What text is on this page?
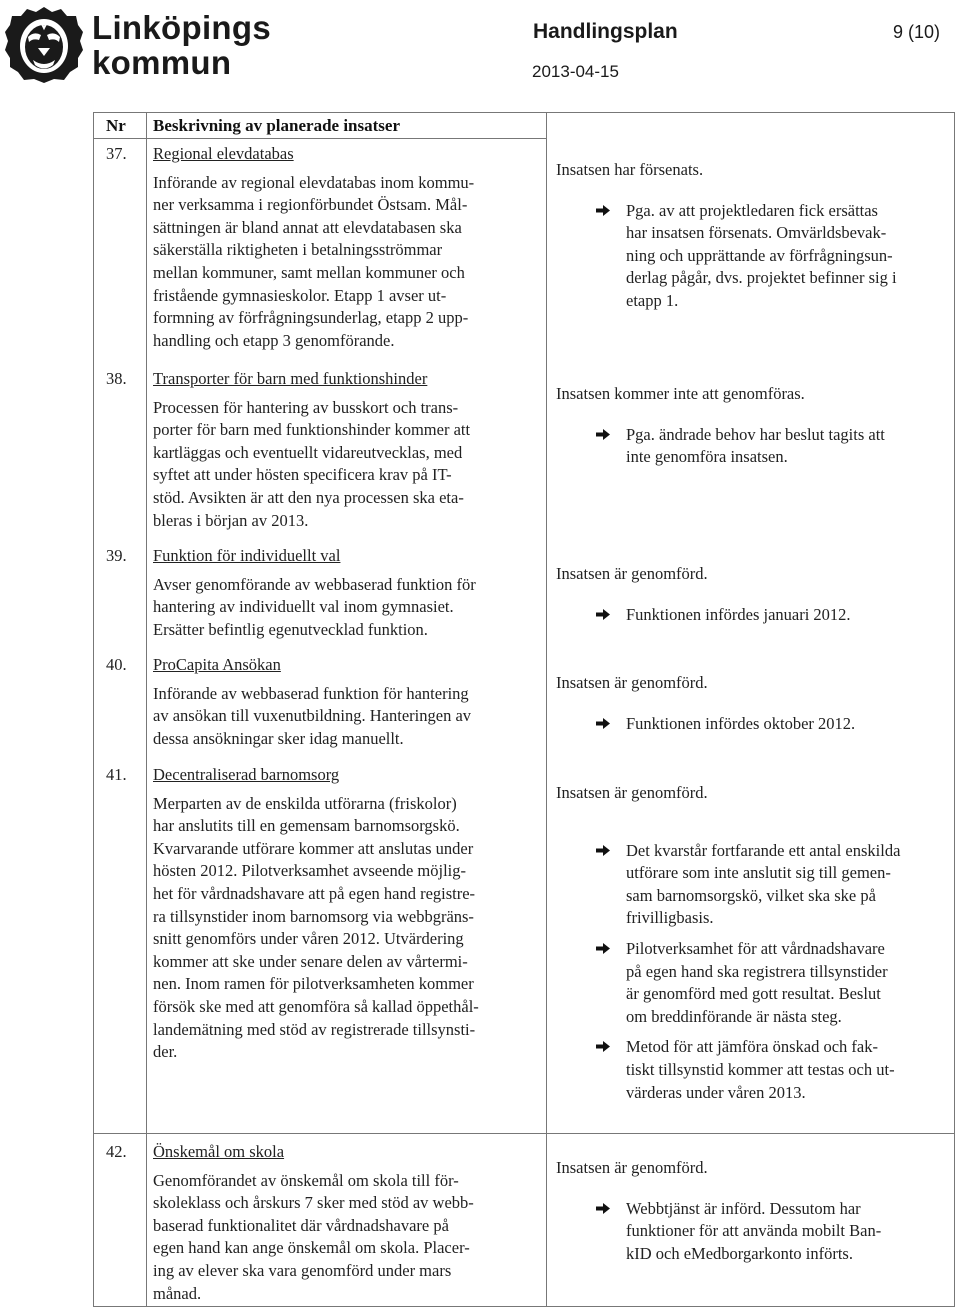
Linköpings
kommun
Handlingsplan	9 (10)
2013-04-15
Nr Beskrivning av planerade insatser
37.	Regional elevdatabas
Införande av regional elevdatabas inom kommu-
ner verksamma i regionförbundet Östsam. Mål-
sättningen är bland annat att elevdatabasen ska
säkerställa riktigheten i betalningsströmmar
mellan kommuner, samt mellan kommuner och
fristående gymnasieskolor. Etapp 1 avser ut-
formning av förfrågningsunderlag, etapp 2 upp-
handling och etapp 3 genomförande.
Insatsen har försenats.
Pga. av att projektledaren fick ersättas
har insatsen försenats. Omvärldsbevak-
ning och upprättande av förfrågningsun-
derlag pågår, dvs. projektet befinner sig i
etapp 1.
38.	Transporter för barn med funktionshinder
Processen för hantering av busskort och trans-
porter för barn med funktionshinder kommer att
kartläggas och eventuellt vidareutvecklas, med
syftet att under hösten specificera krav på IT-
stöd. Avsikten är att den nya processen ska eta-
bleras i början av 2013.
Insatsen kommer inte att genomföras.
Pga. ändrade behov har beslut tagits att
inte genomföra insatsen.
39.	Funktion för individuellt val
Avser genomförande av webbaserad funktion för
hantering av individuellt val inom gymnasiet.
Ersätter befintlig egenutvecklad funktion.
Insatsen är genomförd.
Funktionen infördes januari 2012.
40.	ProCapita Ansökan
Införande av webbaserad funktion för hantering
av ansökan till vuxenutbildning. Hanteringen av
dessa ansökningar sker idag manuellt.
Insatsen är genomförd.
Funktionen infördes oktober 2012.
41.	Decentraliserad barnomsorg
Merparten av de enskilda utförarna (friskolor)
har anslutits till en gemensam barnomsorgskö.
Kvarvarande utförare kommer att anslutas under
hösten 2012. Pilotverksamhet avseende möjlig-
het för vårdnadshavare att på egen hand registre-
ra tillsynstider inom barnomsorg via webbgräns-
snitt genomförs under våren 2012. Utvärdering
kommer att ske under senare delen av vårtermi-
nen. Inom ramen för pilotverksamheten kommer
försök ske med att genomföra så kallad öppethål-
landemätning med stöd av registrerade tillsynsti-
der.
Insatsen är genomförd.
Det kvarstår fortfarande ett antal enskilda
utförare som inte anslutit sig till gemen-
sam barnomsorgskö, vilket ska ske på
frivilligbasis.
Pilotverksamhet för att vårdnadshavare
på egen hand ska registrera tillsynstider
är genomförd med gott resultat. Beslut
om breddinförande är nästa steg.
Metod för att jämföra önskad och fak-
tiskt tillsynstid kommer att testas och ut-
värderas under våren 2013.
42.	Önskemål om skola
Genomförandet av önskemål om skola till för-
skoleklass och årskurs 7 sker med stöd av webb-
baserad funktionalitet där vårdnadshavare på
egen hand kan ange önskemål om skola. Placer-
ing av elever ska vara genomförd under mars
månad.
Insatsen är genomförd.
Webbtjänst är införd. Dessutom har
funktioner för att använda mobilt Ban-
kID och eMedborgarkonto införts.
